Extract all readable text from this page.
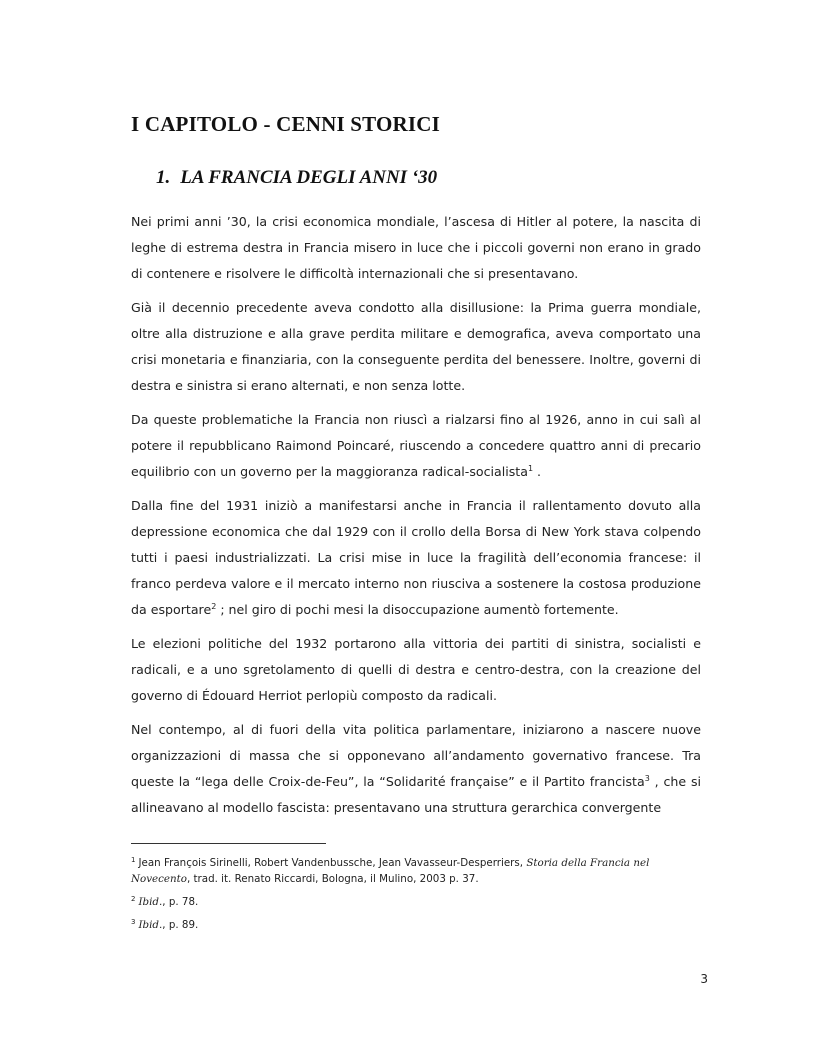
I CAPITOLO - CENNI STORICI
1. LA FRANCIA DEGLI ANNI ‘30

Nei primi anni ’30, la crisi economica mondiale, l’ascesa di Hitler al potere, la nascita di leghe di estrema destra in Francia misero in luce che i piccoli governi non erano in grado di contenere e risolvere le difficoltà internazionali che si presentavano.

Già il decennio precedente aveva condotto alla disillusione: la Prima guerra mondiale, oltre alla distruzione e alla grave perdita militare e demografica, aveva comportato una crisi monetaria e finanziaria, con la conseguente perdita del benessere. Inoltre, governi di destra e sinistra si erano alternati, e non senza lotte.

Da queste problematiche la Francia non riuscì a rialzarsi fino al 1926, anno in cui salì al potere il repubblicano Raimond Poincaré, riuscendo a concedere quattro anni di precario equilibrio con un governo per la maggioranza radical-socialista$^1$ .

Dalla fine del 1931 iniziò a manifestarsi anche in Francia il rallentamento dovuto alla depressione economica che dal 1929 con il crollo della Borsa di New York stava colpendo tutti i paesi industrializzati. La crisi mise in luce la fragilità dell’economia francese: il franco perdeva valore e il mercato interno non riusciva a sostenere la costosa produzione da esportare$^2$ ; nel giro di pochi mesi la disoccupazione aumentò fortemente.

Le elezioni politiche del 1932 portarono alla vittoria dei partiti di sinistra, socialisti e radicali, e a uno sgretolamento di quelli di destra e centro-destra, con la creazione del governo di Édouard Herriot perlopiù composto da radicali.

Nel contempo, al di fuori della vita politica parlamentare, iniziarono a nascere nuove organizzazioni di massa che si opponevano all’andamento governativo francese. Tra queste la “lega delle Croix-de-Feu”, la “Solidarité française” e il Partito francista$^3$ , che si allineavano al modello fascista: presentavano una struttura gerarchica convergente

$^1$ Jean François Sirinelli, Robert Vandenbussche, Jean Vavasseur-Desperriers, Storia della Francia nel Novecento, trad. it. Renato Riccardi, Bologna, il Mulino, 2003 p. 37.
$^2$ Ibid., p. 78.
$^3$ Ibid., p. 89.
3
